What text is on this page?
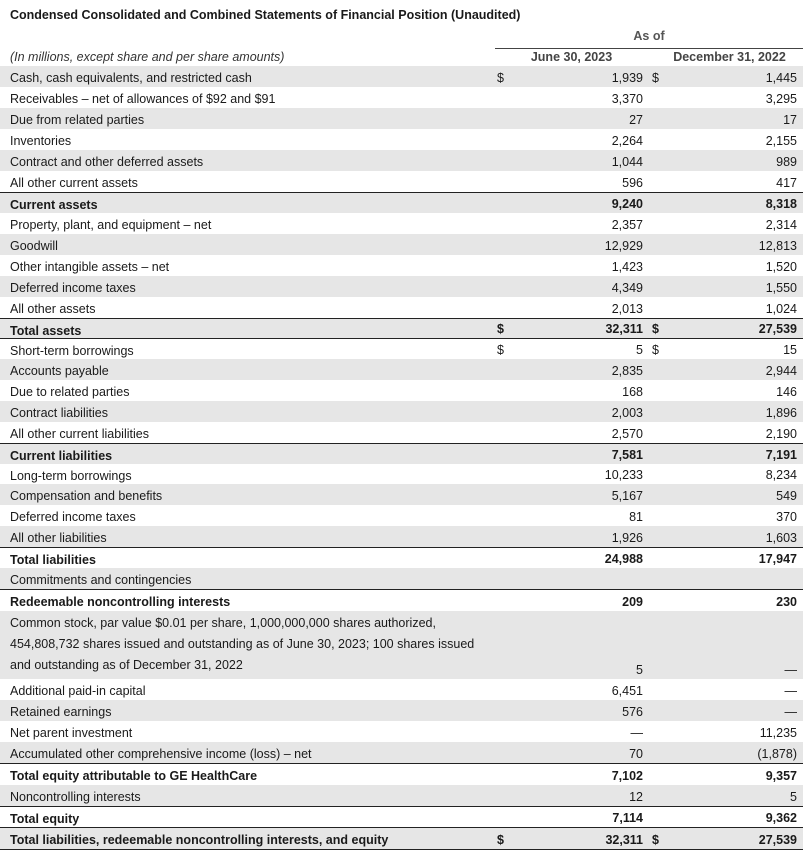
Condensed Consolidated and Combined Statements of Financial Position (Unaudited)
As of
(In millions, except share and per share amounts)	June 30, 2023	December 31, 2022
Cash, cash equivalents, and restricted cash	$	1,939 $	1,445
Receivables – net of allowances of $92 and $91	3,370	3,295
Due from related parties	27	17
Inventories	2,264	2,155
Contract and other deferred assets	1,044	989
All other current assets	596	417
Current assets	9,240	8,318
Property, plant, and equipment – net	2,357	2,314
Goodwill	12,929	12,813
Other intangible assets – net	1,423	1,520
Deferred income taxes	4,349	1,550
All other assets	2,013	1,024
Total assets	$	32,311 $	27,539
Short-term borrowings	$	5 $	15
Accounts payable	2,835	2,944
Due to related parties	168	146
Contract liabilities	2,003	1,896
All other current liabilities	2,570	2,190
Current liabilities	7,581	7,191
Long-term borrowings	10,233	8,234
Compensation and benefits	5,167	549
Deferred income taxes	81	370
All other liabilities	1,926	1,603
Total liabilities	24,988	17,947
Commitments and contingencies
Redeemable noncontrolling interests	209	230
Common stock, par value $0.01 per share, 1,000,000,000 shares authorized, 454,808,732 shares issued and outstanding as of June 30, 2023; 100 shares issued and outstanding as of December 31, 2022	5	—
Additional paid-in capital	6,451	—
Retained earnings	576	—
Net parent investment	—	11,235
Accumulated other comprehensive income (loss) – net	70	(1,878)
Total equity attributable to GE HealthCare	7,102	9,357
Noncontrolling interests	12	5
Total equity	7,114	9,362
Total liabilities, redeemable noncontrolling interests, and equity	$	32,311 $	27,539
